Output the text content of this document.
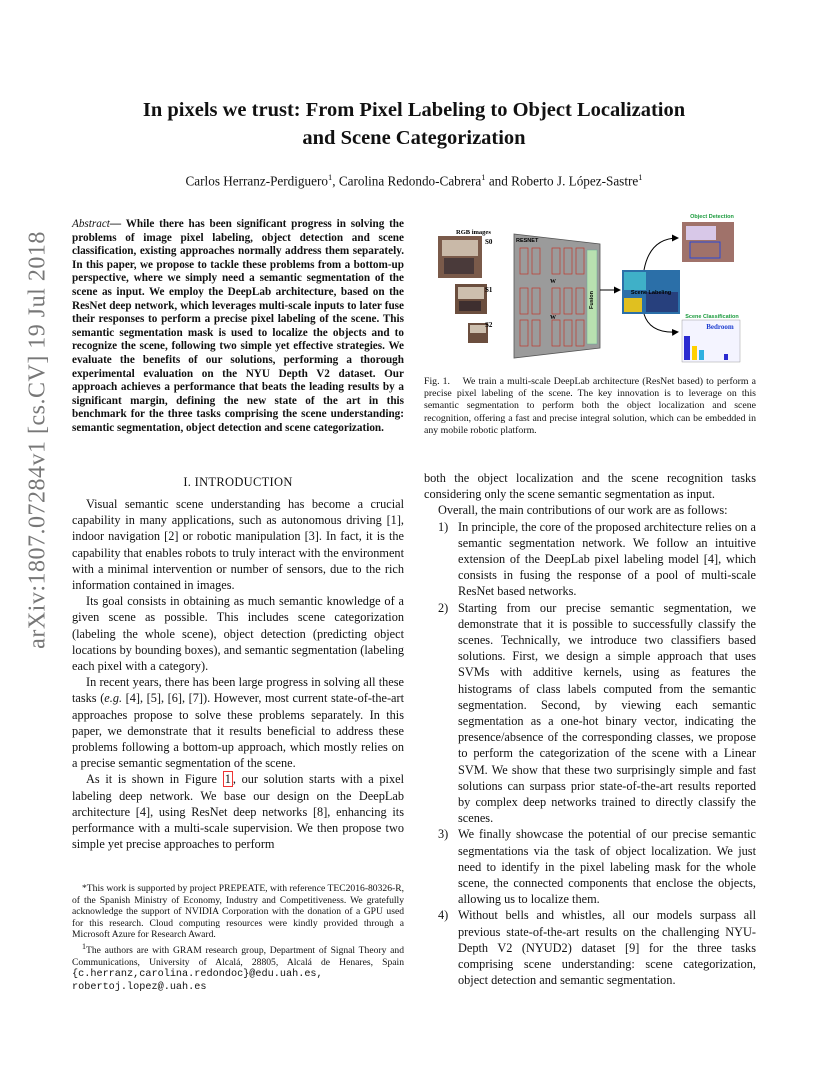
arXiv:1807.07284v1 [cs.CV] 19 Jul 2018
In pixels we trust: From Pixel Labeling to Object Localization
and Scene Categorization
Carlos Herranz-Perdiguero$^1$, Carolina Redondo-Cabrera$^1$ and Roberto J. López-Sastre$^1$
Abstract— While there has been significant progress in solving the problems of image pixel labeling, object detection and scene classification, existing approaches normally address them separately. In this paper, we propose to tackle these problems from a bottom-up perspective, where we simply need a semantic segmentation of the scene as input. We employ the DeepLab architecture, based on the ResNet deep network, which leverages multi-scale inputs to later fuse their responses to perform a precise pixel labeling of the scene. This semantic segmentation mask is used to localize the objects and to recognize the scene, following two simple yet effective strategies. We evaluate the benefits of our solutions, performing a thorough experimental evaluation on the NYU Depth V2 dataset. Our approach achieves a performance that beats the leading results by a significant margin, defining the new state of the art in this benchmark for the three tasks comprising the scene understanding: semantic segmentation, object detection and scene categorization.
I. INTRODUCTION

Visual semantic scene understanding has become a crucial capability in many applications, such as autonomous driving [1], indoor navigation [2] or robotic manipulation [3]. In fact, it is the capability that enables robots to truly interact with the environment with a minimal intervention or number of sensors, due to the rich information contained in images.

Its goal consists in obtaining as much semantic knowledge of a given scene as possible. This includes scene categorization (labeling the whole scene), object detection (predicting object locations by bounding boxes), and semantic segmentation (labeling each pixel with a category).

In recent years, there has been large progress in solving all these tasks (e.g. [4], [5], [6], [7]). However, most current state-of-the-art approaches propose to solve these problems separately. In this paper, we demonstrate that it results beneficial to address these problems following a bottom-up approach, which mostly relies on a precise semantic segmentation of the scene.

As it is shown in Figure 1 , our solution starts with a pixel labeling deep network. We base our design on the DeepLab architecture [4], using ResNet deep networks [8], enhancing its performance with a multi-scale supervision. We then propose two simple yet precise approaches to perform

*This work is supported by project PREPEATE, with reference TEC2016-80326-R, of the Spanish Ministry of Economy, Industry and Competitiveness. We gratefully acknowledge the support of NVIDIA Corporation with the donation of a GPU used for this research. Cloud computing resources were kindly provided through a Microsoft Azure for Research Award.

$^1$The authors are with GRAM research group, Department of Signal Theory and Communications, University of Alcalá, 28805, Alcalá de Henares, Spain {c.herranz,carolina.redondoc}@edu.uah.es, robertoj.lopez@.uah.es

RGB images
S0
S1
S2
RESNET
W
W
Fusion	Scene Labeling
Object Detection
Scene Classification
Bedroom
Fig. 1. We train a multi-scale DeepLab architecture (ResNet based) to perform a precise pixel labeling of the scene. The key innovation is to leverage on this semantic segmentation to perform both the object localization and scene recognition, offering a fast and precise integral solution, which can be embedded in any mobile robotic platform.

both the object localization and the scene recognition tasks considering only the scene semantic segmentation as input.

Overall, the main contributions of our work are as follows:

1) In principle, the core of the proposed architecture relies on a semantic segmentation network. We follow an intuitive extension of the DeepLab pixel labeling model [4], which consists in fusing the response of a pool of multi-scale ResNet based networks.
2) Starting from our precise semantic segmentation, we demonstrate that it is possible to successfully classify the scenes. Technically, we introduce two classifiers based solutions. First, we design a simple approach that uses SVMs with additive kernels, using as features the histograms of class labels computed from the semantic segmentation. Second, by viewing each semantic segmentation as a one-hot binary vector, indicating the presence/absence of the corresponding classes, we propose to perform the categorization of the scene with a Linear SVM. We show that these two surprisingly simple and fast solutions can surpass prior state-of-the-art results reported by complex deep networks trained to directly classify the scenes.
3) We finally showcase the potential of our precise semantic segmentations via the task of object localization. We just need to identify in the pixel labeling mask for the whole scene, the connected components that enclose the objects, allowing us to localize them.
4) Without bells and whistles, all our models surpass all previous state-of-the-art results on the challenging NYU-Depth V2 (NYUD2) dataset [9] for the three tasks comprising scene understanding: scene categorization, object detection and semantic segmentation.
